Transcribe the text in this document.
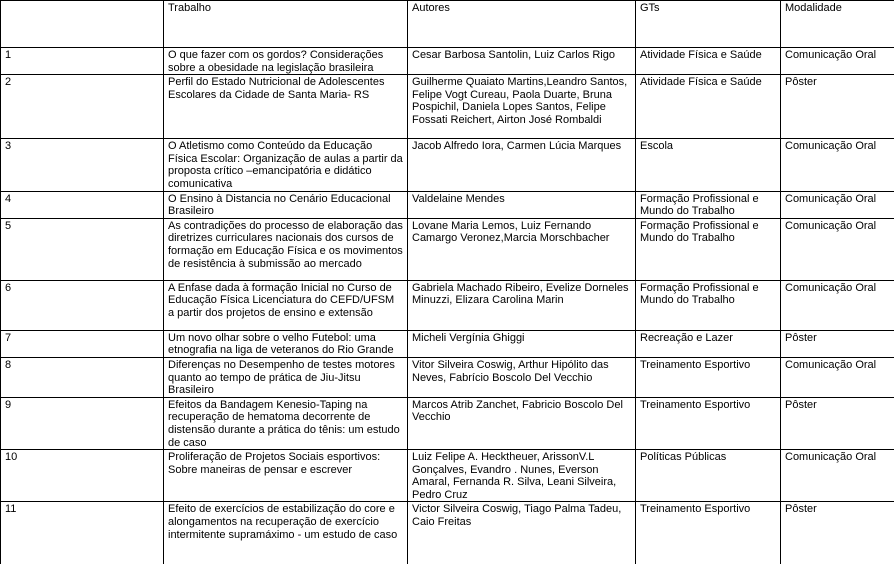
	Trabalho	Autores	GTs	Modalidade
1	O que fazer com os gordos? Considerações sobre a obesidade na legislação brasileira	Cesar Barbosa Santolin, Luiz Carlos Rigo	Atividade Física e Saúde	Comunicação Oral
2	Perfil do Estado Nutricional de Adolescentes Escolares da Cidade de Santa Maria- RS	Guilherme Quaiato Martins,Leandro Santos, Felipe Vogt Cureau, Paola Duarte, Bruna Pospichil, Daniela Lopes Santos, Felipe Fossati Reichert, Airton José Rombaldi	Atividade Física e Saúde	Pôster
3	O Atletismo como Conteúdo da Educação Física Escolar: Organização de aulas a partir da proposta crítico –emancipatória e didático comunicativa	Jacob Alfredo Iora, Carmen Lúcia Marques	Escola	Comunicação Oral
4	O Ensino à Distancia no Cenário Educacional Brasileiro	Valdelaine Mendes	Formação Profissional e Mundo do Trabalho	Comunicação Oral
5	As contradições do processo de elaboração das diretrizes curriculares nacionais dos cursos de formação em Educação Física e os movimentos de resistência à submissão ao mercado	Lovane Maria Lemos, Luiz Fernando Camargo Veronez,Marcia Morschbacher	Formação Profissional e Mundo do Trabalho	Comunicação Oral
6	A Enfase dada à formação Inicial no Curso de Educação Física Licenciatura do CEFD/UFSM a partir dos projetos de ensino e extensão	Gabriela Machado Ribeiro, Evelize Dorneles Minuzzi, Elizara Carolina Marin	Formação Profissional e Mundo do Trabalho	Comunicação Oral
7	Um novo olhar sobre o velho Futebol: uma etnografia na liga de veteranos do Rio Grande	Micheli Vergínia Ghiggi	Recreação e Lazer	Pôster
8	Diferenças no Desempenho de testes motores quanto ao tempo de prática de Jiu-Jitsu Brasileiro	Vitor Silveira Coswig, Arthur Hipólito das Neves, Fabrício Boscolo Del Vecchio	Treinamento Esportivo	Comunicação Oral
9	Efeitos da Bandagem Kenesio-Taping na recuperação de hematoma decorrente de distensão durante a prática do tênis: um estudo de caso	Marcos Atrib Zanchet, Fabricio Boscolo Del Vecchio	Treinamento Esportivo	Pôster
10	Proliferação de Projetos Sociais esportivos: Sobre maneiras de pensar e escrever	Luiz Felipe A. Hecktheuer, ArissonV.L Gonçalves, Evandro . Nunes, Everson Amaral, Fernanda R. Silva, Leani Silveira, Pedro Cruz	Políticas Públicas	Comunicação Oral
11	Efeito de exercícios de estabilização do core e alongamentos na recuperação de exercício intermitente supramáximo - um estudo de caso	Victor Silveira Coswig, Tiago Palma Tadeu, Caio Freitas	Treinamento Esportivo	Pôster
